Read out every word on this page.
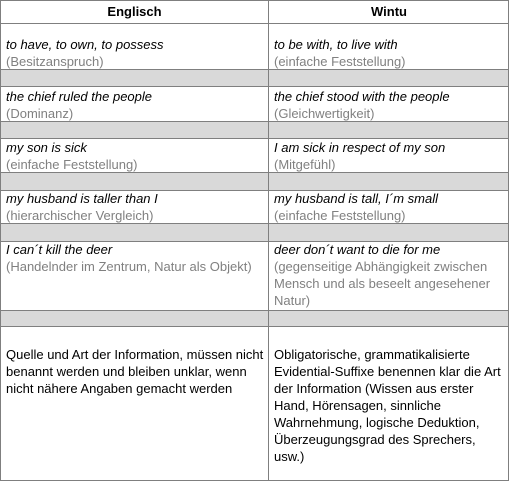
Englisch	Wintu
to have, to own, to possess
(Besitzanspruch)
to be with, to live with
(einfache Feststellung)
the chief ruled the people
(Dominanz)
the chief stood with the people
(Gleichwertigkeit)
my son is sick
(einfache Feststellung)
I am sick in respect of my son
(Mitgefühl)
my husband is taller than I
(hierarchischer Vergleich)
my husband is tall, I´m small
(einfache Feststellung)
I can´t kill the deer
(Handelnder im Zentrum, Natur als Objekt)
deer don´t want to die for me
(gegenseitige Abhängigkeit zwischen Mensch und als beseelt angesehener Natur)
Quelle und Art der Information, müssen nicht benannt werden und bleiben unklar, wenn nicht nähere Angaben gemacht werden
Obligatorische, grammatikalisierte Evidential-Suffixe benennen klar die Art der Information (Wissen aus erster Hand, Hörensagen, sinnliche Wahrnehmung, logische Deduktion, Überzeugungsgrad des Sprechers, usw.)
